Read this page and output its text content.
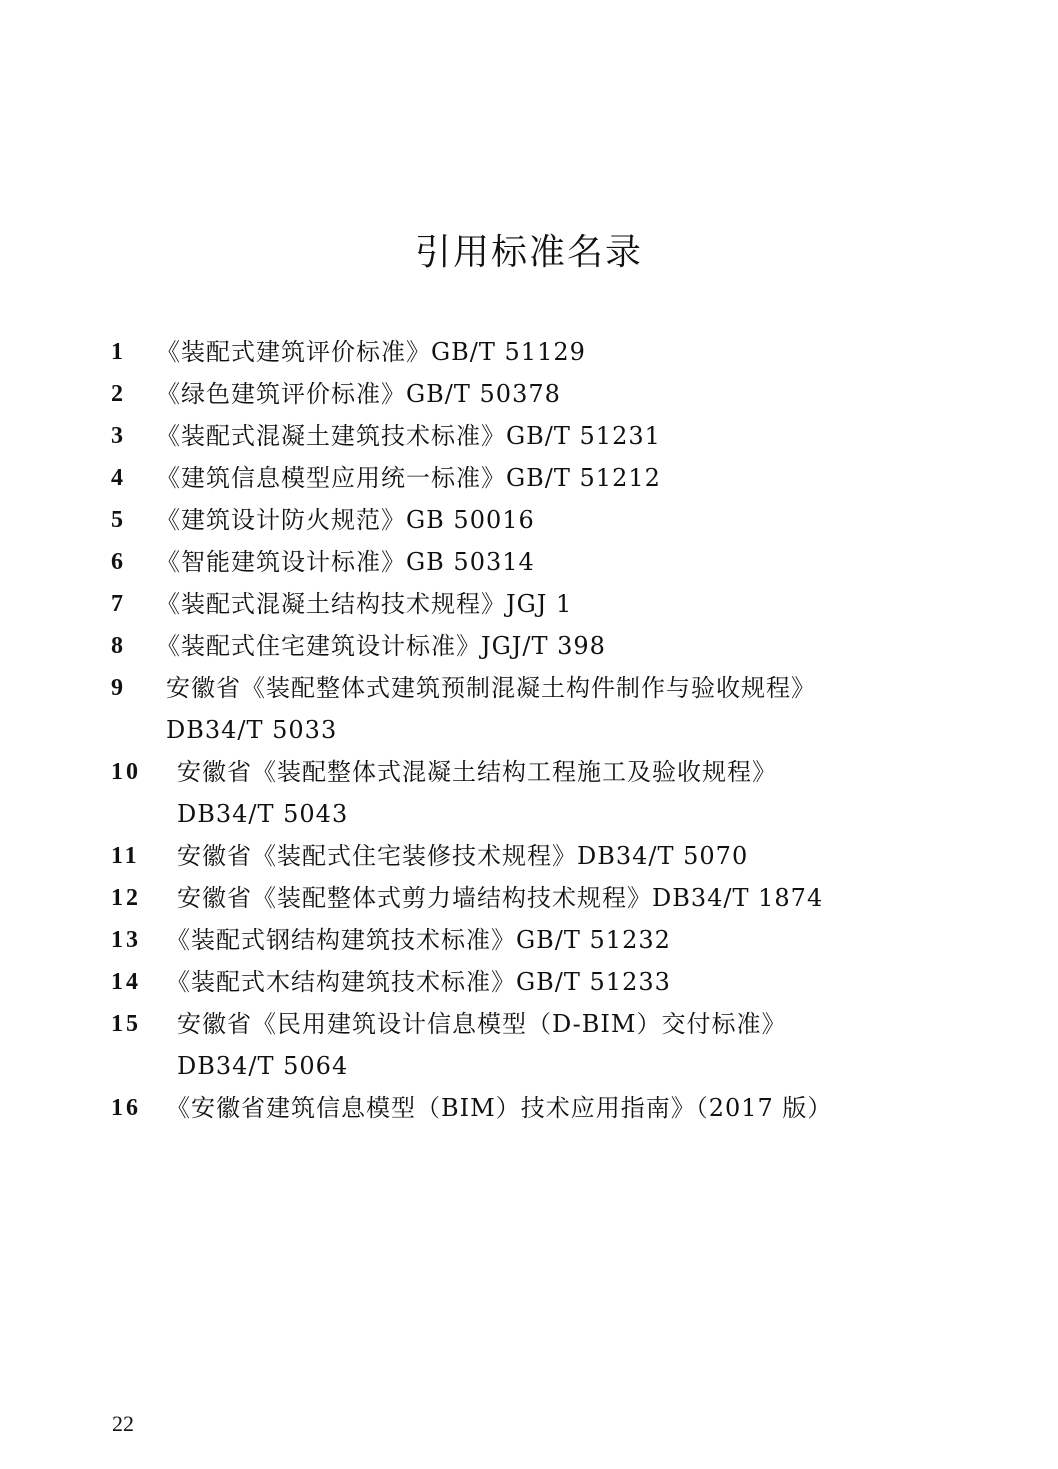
引用标准名录
1 《装配式建筑评价标准》GB/T 51129
2 《绿色建筑评价标准》GB/T 50378
3 《装配式混凝土建筑技术标准》GB/T 51231
4 《建筑信息模型应用统一标准》GB/T 51212
5 《建筑设计防火规范》GB 50016
6 《智能建筑设计标准》GB 50314
7 《装配式混凝土结构技术规程》JGJ 1
8 《装配式住宅建筑设计标准》JGJ/T 398
9 安徽省《装配整体式建筑预制混凝土构件制作与验收规程》
DB34/T 5033
10 安徽省《装配整体式混凝土结构工程施工及验收规程》
DB34/T 5043
11 安徽省《装配式住宅装修技术规程》DB34/T 5070
12 安徽省《装配整体式剪力墙结构技术规程》DB34/T 1874
13 《装配式钢结构建筑技术标准》GB/T 51232
14 《装配式木结构建筑技术标准》GB/T 51233
15 安徽省《民用建筑设计信息模型（D-BIM）交付标准》
DB34/T 5064
16 《安徽省建筑信息模型（BIM）技术应用指南》（2017 版）
22
